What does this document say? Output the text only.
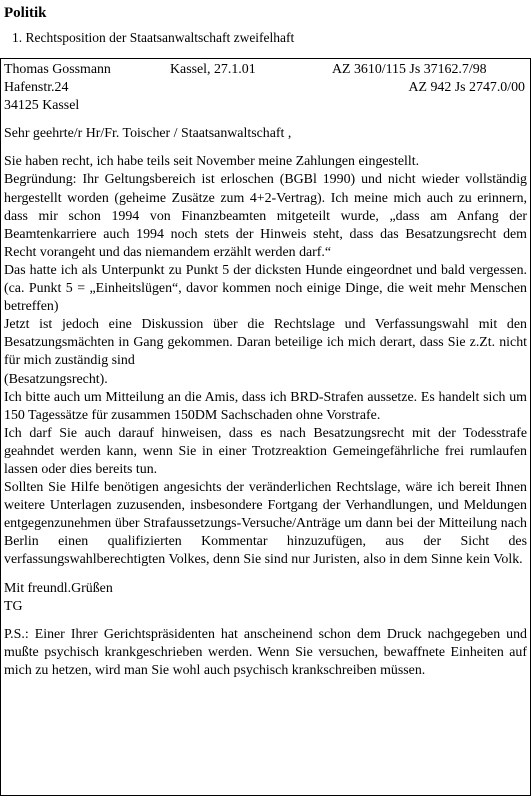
Politik
1. Rechtsposition der Staatsanwaltschaft zweifelhaft
Thomas Gossmann	Kassel, 27.1.01	AZ 3610/115 Js 37162.7/98
Hafenstr.24	AZ 942 Js 2747.0/00
34125 Kassel

Sehr geehrte/r Hr/Fr. Toischer / Staatsanwaltschaft ,

Sie haben recht, ich habe teils seit November meine Zahlungen eingestellt.

Begründung: Ihr Geltungsbereich ist erloschen (BGBl 1990) und nicht wieder vollständig hergestellt worden (geheime Zusätze zum 4+2-Vertrag). Ich meine mich auch zu erinnern, dass mir schon 1994 von Finanzbeamten mitgeteilt wurde, „dass am Anfang der Beamtenkarriere auch 1994 noch stets der Hinweis steht, dass das Besatzungsrecht dem Recht vorangeht und das niemandem erzählt werden darf.“

Das hatte ich als Unterpunkt zu Punkt 5 der dicksten Hunde eingeordnet und bald vergessen. (ca. Punkt 5 = „Einheitslügen“, davor kommen noch einige Dinge, die weit mehr Menschen betreffen)

Jetzt ist jedoch eine Diskussion über die Rechtslage und Verfassungswahl mit den Besatzungsmächten in Gang gekommen. Daran beteilige ich mich derart, dass Sie z.Zt. nicht für mich zuständig sind

(Besatzungsrecht).

Ich bitte auch um Mitteilung an die Amis, dass ich BRD-Strafen aussetze. Es handelt sich um 150 Tagessätze für zusammen 150DM Sachschaden ohne Vorstrafe.

Ich darf Sie auch darauf hinweisen, dass es nach Besatzungsrecht mit der Todesstrafe geahndet werden kann, wenn Sie in einer Trotzreaktion Gemeingefährliche frei rumlaufen lassen oder dies bereits tun.

Sollten Sie Hilfe benötigen angesichts der veränderlichen Rechtslage, wäre ich bereit Ihnen weitere Unterlagen zuzusenden, insbesondere Fortgang der Verhandlungen, und Meldungen entgegenzunehmen über Strafaussetzungs-Versuche/Anträge um dann bei der Mitteilung nach Berlin einen qualifizierten Kommentar hinzuzufügen, aus der Sicht des verfassungswahlberechtigten Volkes, denn Sie sind nur Juristen, also in dem Sinne kein Volk.

Mit freundl.Grüßen

TG

P.S.: Einer Ihrer Gerichtspräsidenten hat anscheinend schon dem Druck nachgegeben und mußte psychisch krankgeschrieben werden. Wenn Sie versuchen, bewaffnete Einheiten auf mich zu hetzen, wird man Sie wohl auch psychisch krankschreiben müssen.
